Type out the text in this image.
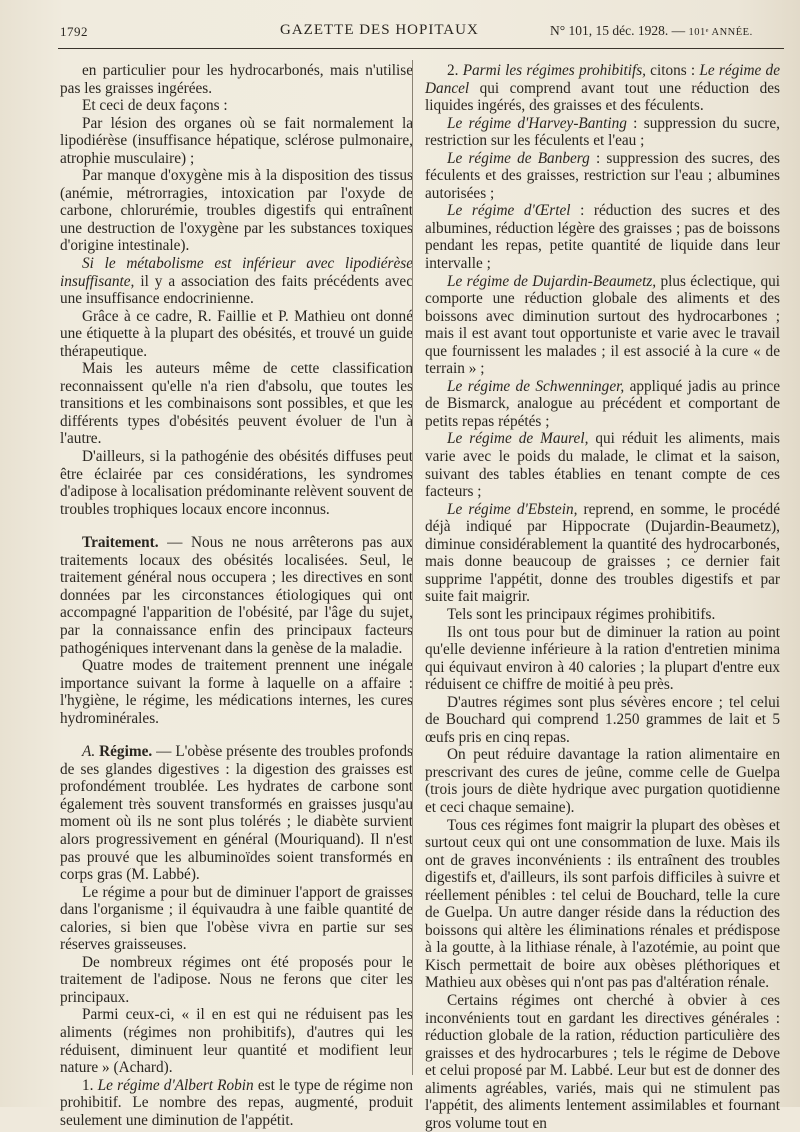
1792	GAZETTE DES HOPITAUX	N° 101, 15 déc. 1928. — 101ᵉ ANNÉE.

en particulier pour les hydrocarbonés, mais n'utilise pas les graisses ingérées.

Et ceci de deux façons :

Par lésion des organes où se fait normalement la lipodiérèse (insuffisance hépatique, sclérose pulmonaire, atrophie musculaire) ;

Par manque d'oxygène mis à la disposition des tissus (anémie, métrorragies, intoxication par l'oxyde de carbone, chlorurémie, troubles digestifs qui entraînent une destruction de l'oxygène par les substances toxiques d'origine intestinale).

Si le métabolisme est inférieur avec lipodiérèse insuffisante, il y a association des faits précédents avec une insuffisance endocrinienne.

Grâce à ce cadre, R. Faillie et P. Mathieu ont donné une étiquette à la plupart des obésités, et trouvé un guide thérapeutique.

Mais les auteurs même de cette classification reconnaissent qu'elle n'a rien d'absolu, que toutes les transitions et les combinaisons sont possibles, et que les différents types d'obésités peuvent évoluer de l'un à l'autre.

D'ailleurs, si la pathogénie des obésités diffuses peut être éclairée par ces considérations, les syndromes d'adipose à localisation prédominante relèvent souvent de troubles trophiques locaux encore inconnus.

Traitement. — Nous ne nous arrêterons pas aux traitements locaux des obésités localisées. Seul, le traitement général nous occupera ; les directives en sont données par les circonstances étiologiques qui ont accompagné l'apparition de l'obésité, par l'âge du sujet, par la connaissance enfin des principaux facteurs pathogéniques intervenant dans la genèse de la maladie.

Quatre modes de traitement prennent une inégale importance suivant la forme à laquelle on a affaire : l'hygiène, le régime, les médications internes, les cures hydrominérales.

A. Régime. — L'obèse présente des troubles profonds de ses glandes digestives : la digestion des graisses est profondément troublée. Les hydrates de carbone sont également très souvent transformés en graisses jusqu'au moment où ils ne sont plus tolérés ; le diabète survient alors progressivement en général (Mouriquand). Il n'est pas prouvé que les albuminoïdes soient transformés en corps gras (M. Labbé).

Le régime a pour but de diminuer l'apport de graisses dans l'organisme ; il équivaudra à une faible quantité de calories, si bien que l'obèse vivra en partie sur ses réserves graisseuses.

De nombreux régimes ont été proposés pour le traitement de l'adipose. Nous ne ferons que citer les principaux.

Parmi ceux-ci, « il en est qui ne réduisent pas les aliments (régimes non prohibitifs), d'autres qui les réduisent, diminuent leur quantité et modifient leur nature » (Achard).

1. Le régime d'Albert Robin est le type de régime non prohibitif. Le nombre des repas, augmenté, produit seulement une diminution de l'appétit.

2. Parmi les régimes prohibitifs, citons : Le régime de Dancel qui comprend avant tout une réduction des liquides ingérés, des graisses et des féculents.

Le régime d'Harvey-Banting : suppression du sucre, restriction sur les féculents et l'eau ;

Le régime de Banberg : suppression des sucres, des féculents et des graisses, restriction sur l'eau ; albumines autorisées ;

Le régime d'Œrtel : réduction des sucres et des albumines, réduction légère des graisses ; pas de boissons pendant les repas, petite quantité de liquide dans leur intervalle ;

Le régime de Dujardin-Beaumetz, plus éclectique, qui comporte une réduction globale des aliments et des boissons avec diminution surtout des hydrocarbones ; mais il est avant tout opportuniste et varie avec le travail que fournissent les malades ; il est associé à la cure « de terrain » ;

Le régime de Schwenninger, appliqué jadis au prince de Bismarck, analogue au précédent et comportant de petits repas répétés ;

Le régime de Maurel, qui réduit les aliments, mais varie avec le poids du malade, le climat et la saison, suivant des tables établies en tenant compte de ces facteurs ;

Le régime d'Ebstein, reprend, en somme, le procédé déjà indiqué par Hippocrate (Dujardin-Beaumetz), diminue considérablement la quantité des hydrocarbonés, mais donne beaucoup de graisses ; ce dernier fait supprime l'appétit, donne des troubles digestifs et par suite fait maigrir.

Tels sont les principaux régimes prohibitifs.

Ils ont tous pour but de diminuer la ration au point qu'elle devienne inférieure à la ration d'entretien minima qui équivaut environ à 40 calories ; la plupart d'entre eux réduisent ce chiffre de moitié à peu près.

D'autres régimes sont plus sévères encore ; tel celui de Bouchard qui comprend 1.250 grammes de lait et 5 œufs pris en cinq repas.

On peut réduire davantage la ration alimentaire en prescrivant des cures de jeûne, comme celle de Guelpa (trois jours de diète hydrique avec purgation quotidienne et ceci chaque semaine).

Tous ces régimes font maigrir la plupart des obèses et surtout ceux qui ont une consommation de luxe. Mais ils ont de graves inconvénients : ils entraînent des troubles digestifs et, d'ailleurs, ils sont parfois difficiles à suivre et réellement pénibles : tel celui de Bouchard, telle la cure de Guelpa. Un autre danger réside dans la réduction des boissons qui altère les éliminations rénales et prédispose à la goutte, à la lithiase rénale, à l'azotémie, au point que Kisch permettait de boire aux obèses pléthoriques et Mathieu aux obèses qui n'ont pas pas d'altération rénale.

Certains régimes ont cherché à obvier à ces inconvénients tout en gardant les directives générales : réduction globale de la ration, réduction particulière des graisses et des hydrocarbures ; tels le régime de Debove et celui proposé par M. Labbé. Leur but est de donner des aliments agréables, variés, mais qui ne stimulent pas l'appétit, des aliments lentement assimilables et fournant gros volume tout en
